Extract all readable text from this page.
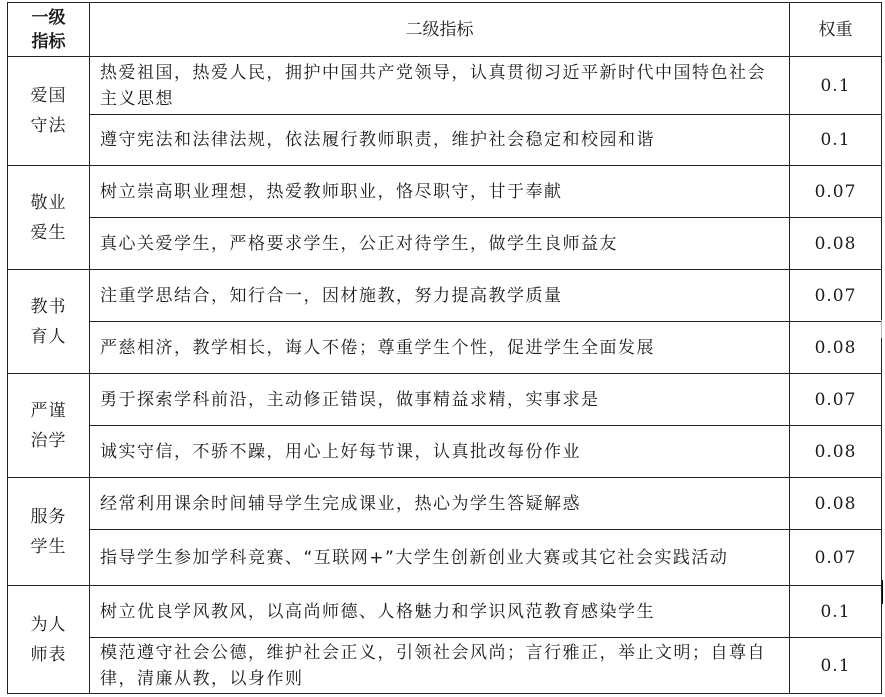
一级指标	二级指标	权重
爱国守法	热爱祖国，热爱人民，拥护中国共产党领导，认真贯彻习近平新时代中国特色社会主义思想	0.1
	遵守宪法和法律法规，依法履行教师职责，维护社会稳定和校园和谐	0.1
敬业爱生	树立崇高职业理想，热爱教师职业，恪尽职守，甘于奉献	0.07
	真心关爱学生，严格要求学生，公正对待学生，做学生良师益友	0.08
教书育人	注重学思结合，知行合一，因材施教，努力提高教学质量	0.07
	严慈相济，教学相长，诲人不倦；尊重学生个性，促进学生全面发展	0.08
严谨治学	勇于探索学科前沿，主动修正错误，做事精益求精，实事求是	0.07
	诚实守信，不骄不躁，用心上好每节课，认真批改每份作业	0.08
服务学生	经常利用课余时间辅导学生完成课业，热心为学生答疑解惑	0.08
	指导学生参加学科竞赛、“互联网+”大学生创新创业大赛或其它社会实践活动	0.07
为人师表	树立优良学风教风，以高尚师德、人格魅力和学识风范教育感染学生	0.1
	模范遵守社会公德，维护社会正义，引领社会风尚；言行雅正，举止文明；自尊自律，清廉从教，以身作则	0.1
